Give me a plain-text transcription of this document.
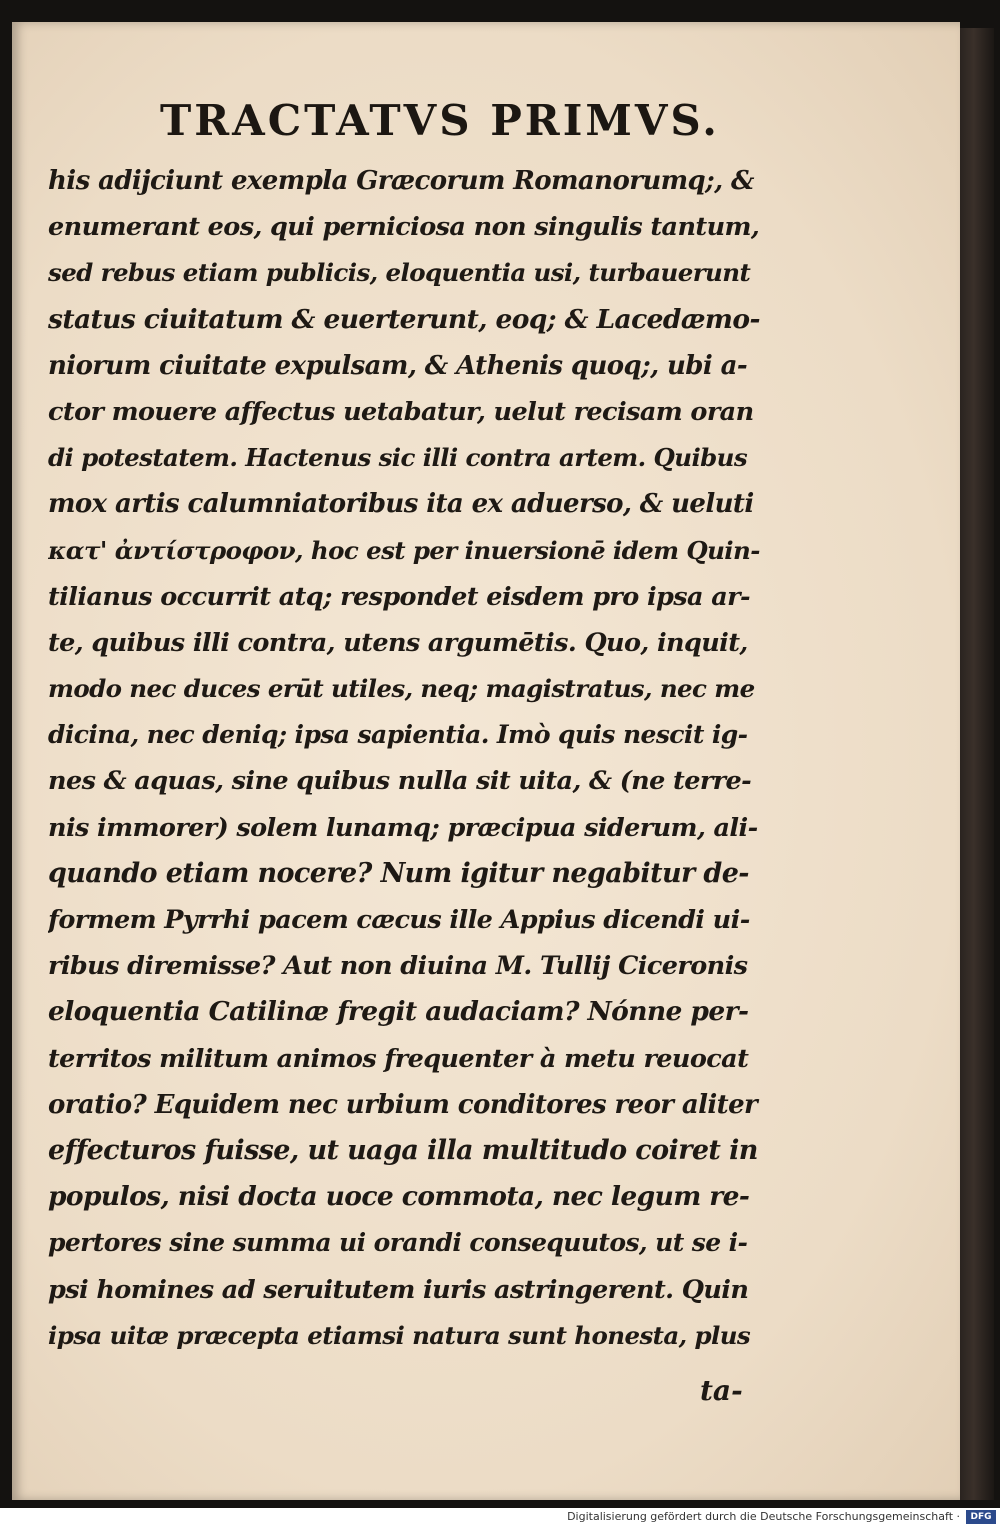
TRACTATVS PRIMVS.
his adijciunt exempla Græcorum Romanorumq;, &
enumerant eos, qui perniciosa non singulis tantum,
sed rebus etiam publicis, eloquentia usi, turbauerunt
status ciuitatum & euerterunt, eoq; & Lacedæmo-
niorum ciuitate expulsam, & Athenis quoq;, ubi a-
ctor mouere affectus uetabatur, uelut recisam oran
di potestatem. Hactenus sic illi contra artem. Quibus
mox artis calumniatoribus ita ex aduerso, & ueluti
κατ' ἀντίστροφον, hoc est per inuersionē idem Quin-
tilianus occurrit atq; respondet eisdem pro ipsa ar-
te, quibus illi contra, utens argumētis. Quo, inquit,
modo nec duces erūt utiles, neq; magistratus, nec me
dicina, nec deniq; ipsa sapientia. Imò quis nescit ig-
nes & aquas, sine quibus nulla sit uita, & (ne terre-
nis immorer) solem lunamq; præcipua siderum, ali-
quando etiam nocere? Num igitur negabitur de-
formem Pyrrhi pacem cæcus ille Appius dicendi ui-
ribus diremisse? Aut non diuina M. Tullij Ciceronis
eloquentia Catilinæ fregit audaciam? Nónne per-
territos militum animos frequenter à metu reuocat
oratio? Equidem nec urbium conditores reor aliter
effecturos fuisse, ut uaga illa multitudo coiret in
populos, nisi docta uoce commota, nec legum re-
pertores sine summa ui orandi consequutos, ut se i-
psi homines ad seruitutem iuris astringerent. Quin
ipsa uitæ præcepta etiamsi natura sunt honesta, plus
ta-
Digitalisierung gefördert durch die Deutsche Forschungsgemeinschaft ·	DFG
